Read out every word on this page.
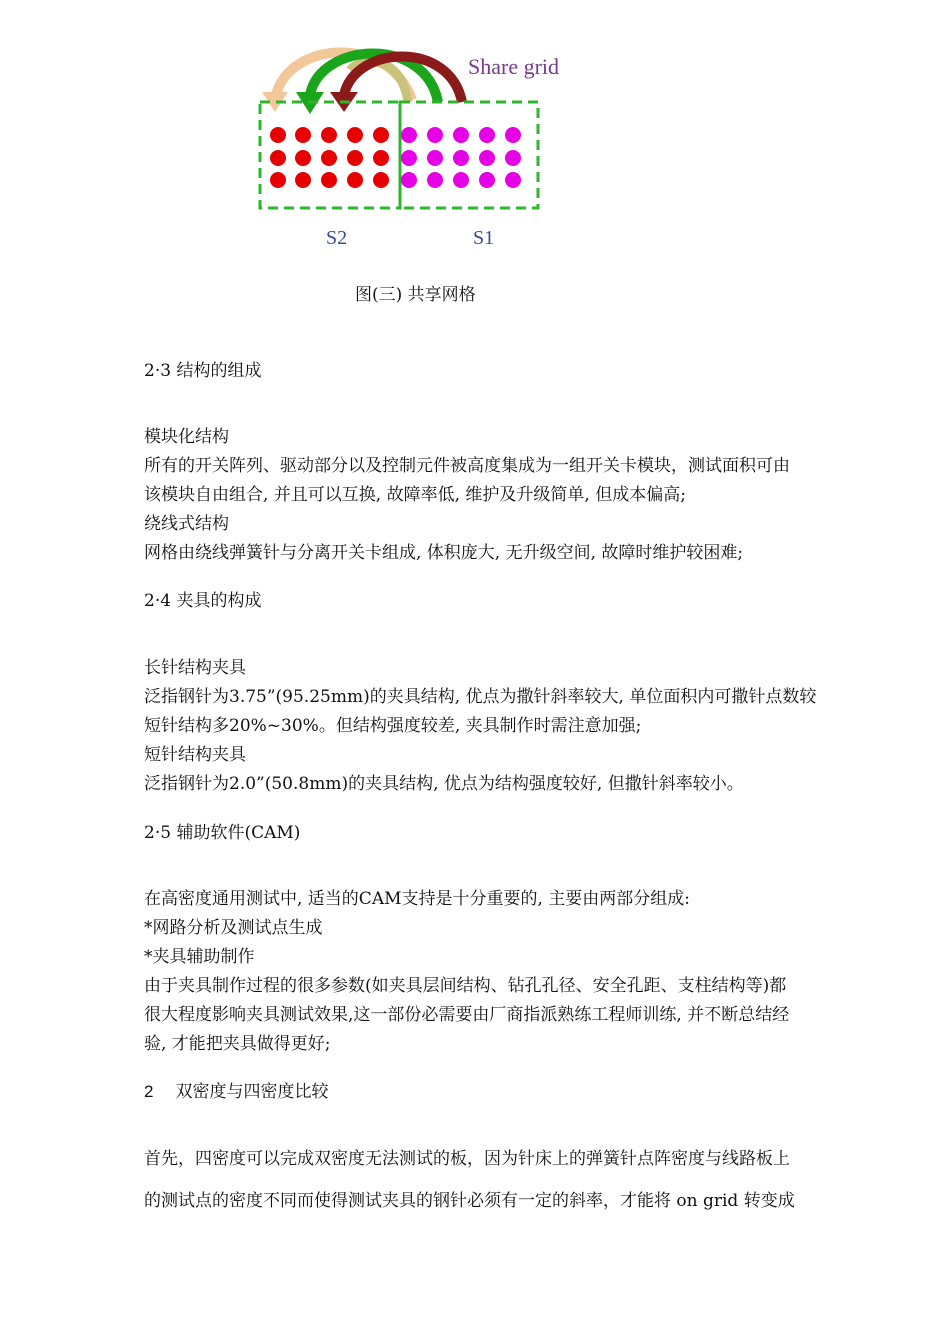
Share grid
S2	S1
图(三) 共享网格
2·3 结构的组成
模块化结构
所有的开关阵列、驱动部分以及控制元件被高度集成为一组开关卡模块，测试面积可由
该模块自由组合, 并且可以互换, 故障率低, 维护及升级简单, 但成本偏高;
绕线式结构
网格由绕线弹簧针与分离开关卡组成, 体积庞大, 无升级空间, 故障时维护较困难;
2·4 夹具的构成
长针结构夹具
泛指钢针为3.75”(95.25mm)的夹具结构, 优点为撒针斜率较大, 单位面积内可撒针点数较
短针结构多20%~30%。但结构强度较差, 夹具制作时需注意加强;
短针结构夹具
泛指钢针为2.0”(50.8mm)的夹具结构, 优点为结构强度较好, 但撒针斜率较小。
2·5 辅助软件(CAM)
在高密度通用测试中, 适当的CAM支持是十分重要的, 主要由两部分组成:
*网路分析及测试点生成
*夹具辅助制作
由于夹具制作过程的很多参数(如夹具层间结构、钻孔孔径、安全孔距、支柱结构等)都
很大程度影响夹具测试效果,这一部份必需要由厂商指派熟练工程师训练, 并不断总结经
验, 才能把夹具做得更好;
2 双密度与四密度比较
首先，四密度可以完成双密度无法测试的板，因为针床上的弹簧针点阵密度与线路板上
的测试点的密度不同而使得测试夹具的钢针必须有一定的斜率，才能将 on grid 转变成
